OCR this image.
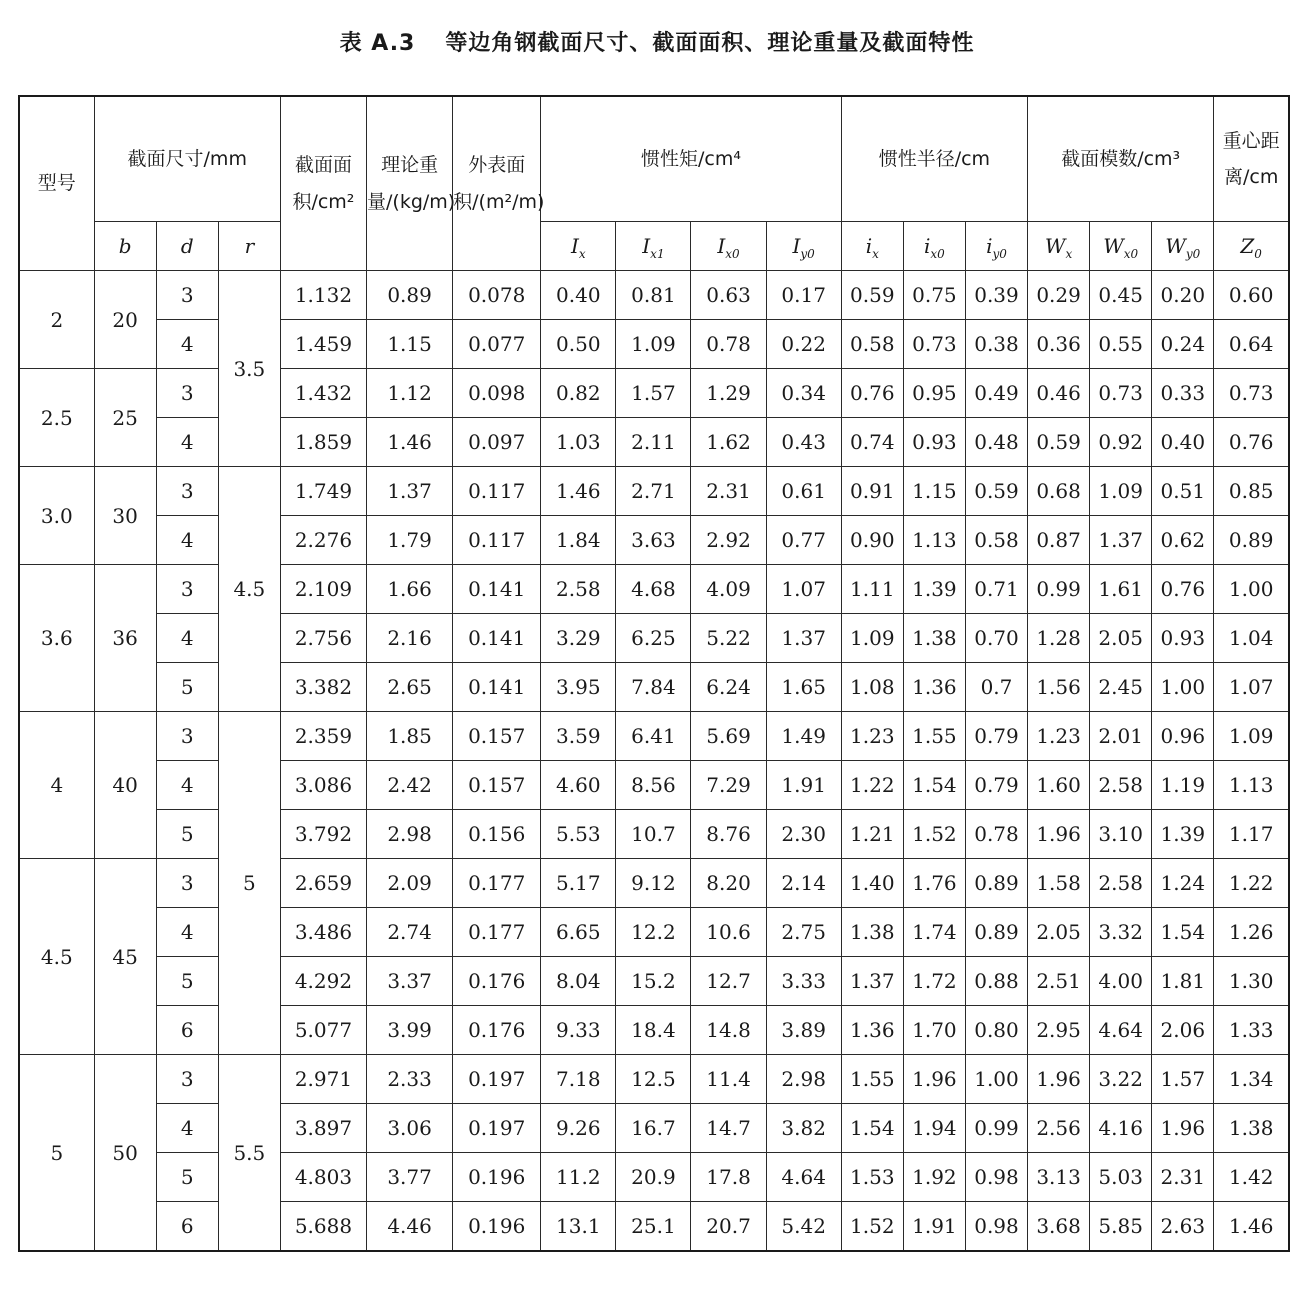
表 A.3 等边角钢截面尺寸、截面面积、理论重量及截面特性
型号	截面尺寸/mm			截面面积/cm²	理论重量/(kg/m)	外表面积/(m²/m)	惯性矩/cm⁴				惯性半径/cm			截面模数/cm³			重心距离/cm
	b	d	r				$I_x$	$I_{x1}$	$I_{x0}$	$I_{y0}$	$i_x$	$i_{x0}$	$i_{y0}$	$W_x$	$W_{x0}$	$W_{y0}$	$Z_0$
2	20	3	3.5	1.132	0.89	0.078	0.40	0.81	0.63	0.17	0.59	0.75	0.39	0.29	0.45	0.20	0.60
		4		1.459	1.15	0.077	0.50	1.09	0.78	0.22	0.58	0.73	0.38	0.36	0.55	0.24	0.64
2.5	25	3		1.432	1.12	0.098	0.82	1.57	1.29	0.34	0.76	0.95	0.49	0.46	0.73	0.33	0.73
		4		1.859	1.46	0.097	1.03	2.11	1.62	0.43	0.74	0.93	0.48	0.59	0.92	0.40	0.76
3.0	30	3	4.5	1.749	1.37	0.117	1.46	2.71	2.31	0.61	0.91	1.15	0.59	0.68	1.09	0.51	0.85
		4		2.276	1.79	0.117	1.84	3.63	2.92	0.77	0.90	1.13	0.58	0.87	1.37	0.62	0.89
3.6	36	3		2.109	1.66	0.141	2.58	4.68	4.09	1.07	1.11	1.39	0.71	0.99	1.61	0.76	1.00
		4		2.756	2.16	0.141	3.29	6.25	5.22	1.37	1.09	1.38	0.70	1.28	2.05	0.93	1.04
		5		3.382	2.65	0.141	3.95	7.84	6.24	1.65	1.08	1.36	0.7	1.56	2.45	1.00	1.07
4	40	3	5	2.359	1.85	0.157	3.59	6.41	5.69	1.49	1.23	1.55	0.79	1.23	2.01	0.96	1.09
		4		3.086	2.42	0.157	4.60	8.56	7.29	1.91	1.22	1.54	0.79	1.60	2.58	1.19	1.13
		5		3.792	2.98	0.156	5.53	10.7	8.76	2.30	1.21	1.52	0.78	1.96	3.10	1.39	1.17
4.5	45	3		2.659	2.09	0.177	5.17	9.12	8.20	2.14	1.40	1.76	0.89	1.58	2.58	1.24	1.22
		4		3.486	2.74	0.177	6.65	12.2	10.6	2.75	1.38	1.74	0.89	2.05	3.32	1.54	1.26
		5		4.292	3.37	0.176	8.04	15.2	12.7	3.33	1.37	1.72	0.88	2.51	4.00	1.81	1.30
		6		5.077	3.99	0.176	9.33	18.4	14.8	3.89	1.36	1.70	0.80	2.95	4.64	2.06	1.33
5	50	3	5.5	2.971	2.33	0.197	7.18	12.5	11.4	2.98	1.55	1.96	1.00	1.96	3.22	1.57	1.34
		4		3.897	3.06	0.197	9.26	16.7	14.7	3.82	1.54	1.94	0.99	2.56	4.16	1.96	1.38
		5		4.803	3.77	0.196	11.2	20.9	17.8	4.64	1.53	1.92	0.98	3.13	5.03	2.31	1.42
		6		5.688	4.46	0.196	13.1	25.1	20.7	5.42	1.52	1.91	0.98	3.68	5.85	2.63	1.46
